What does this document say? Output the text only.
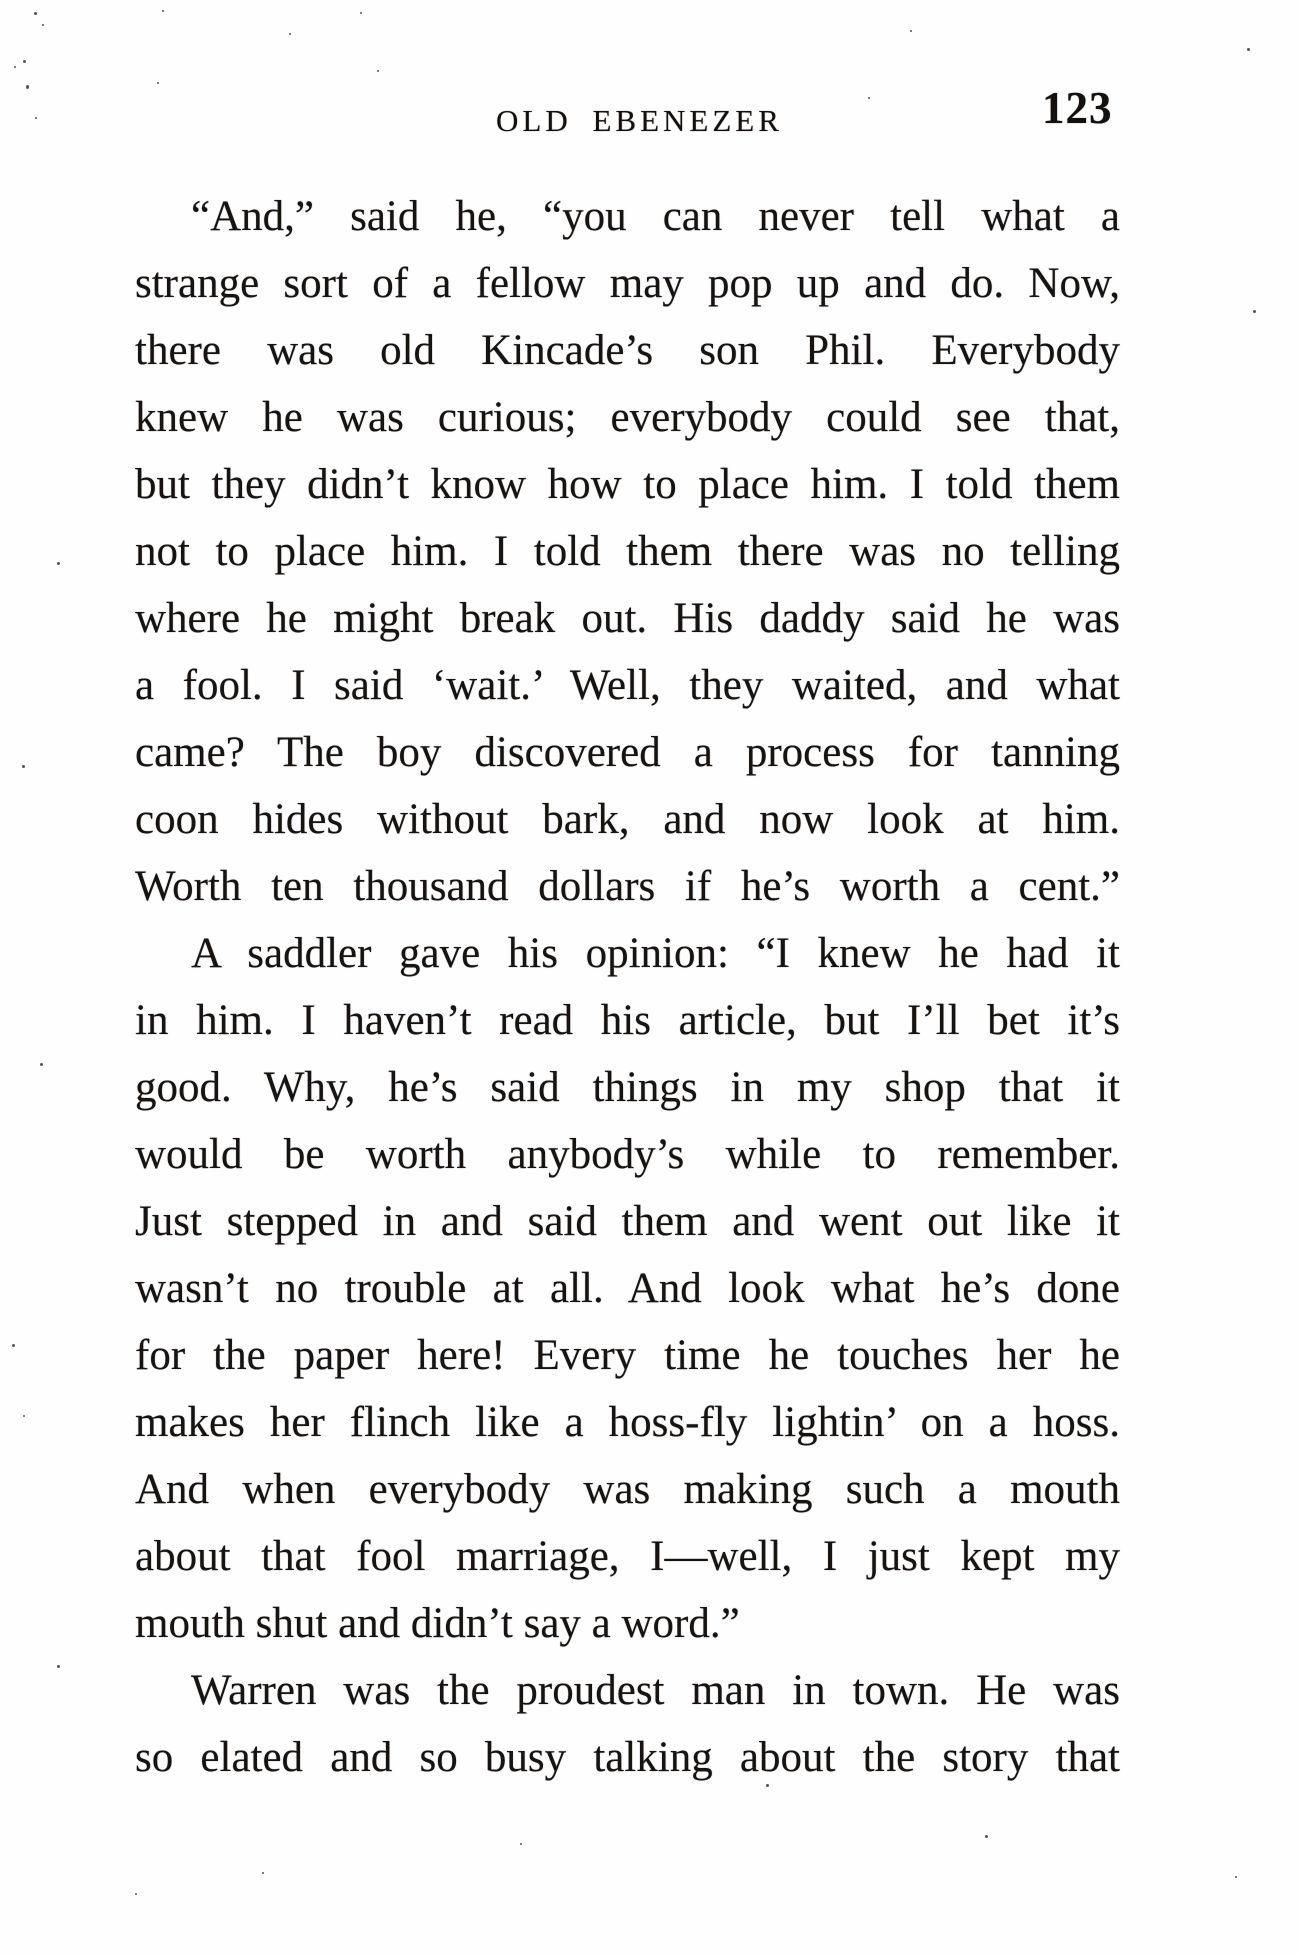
OLD EBENEZER	123
“And,” said he, “you can never tell what a
strange sort of a fellow may pop up and do. Now,
there was old Kincade’s son Phil. Everybody
knew he was curious; everybody could see that,
but they didn’t know how to place him. I told them
not to place him. I told them there was no telling
where he might break out. His daddy said he was
a fool. I said ‘wait.’ Well, they waited, and what
came? The boy discovered a process for tanning
coon hides without bark, and now look at him.
Worth ten thousand dollars if he’s worth a cent.”
A saddler gave his opinion: “I knew he had it
in him. I haven’t read his article, but I’ll bet it’s
good. Why, he’s said things in my shop that it
would be worth anybody’s while to remember.
Just stepped in and said them and went out like it
wasn’t no trouble at all. And look what he’s done
for the paper here! Every time he touches her he
makes her flinch like a hoss-fly lightin’ on a hoss.
And when everybody was making such a mouth
about that fool marriage, I—well, I just kept my
mouth shut and didn’t say a word.”
Warren was the proudest man in town. He was
so elated and so busy talking about the story that
